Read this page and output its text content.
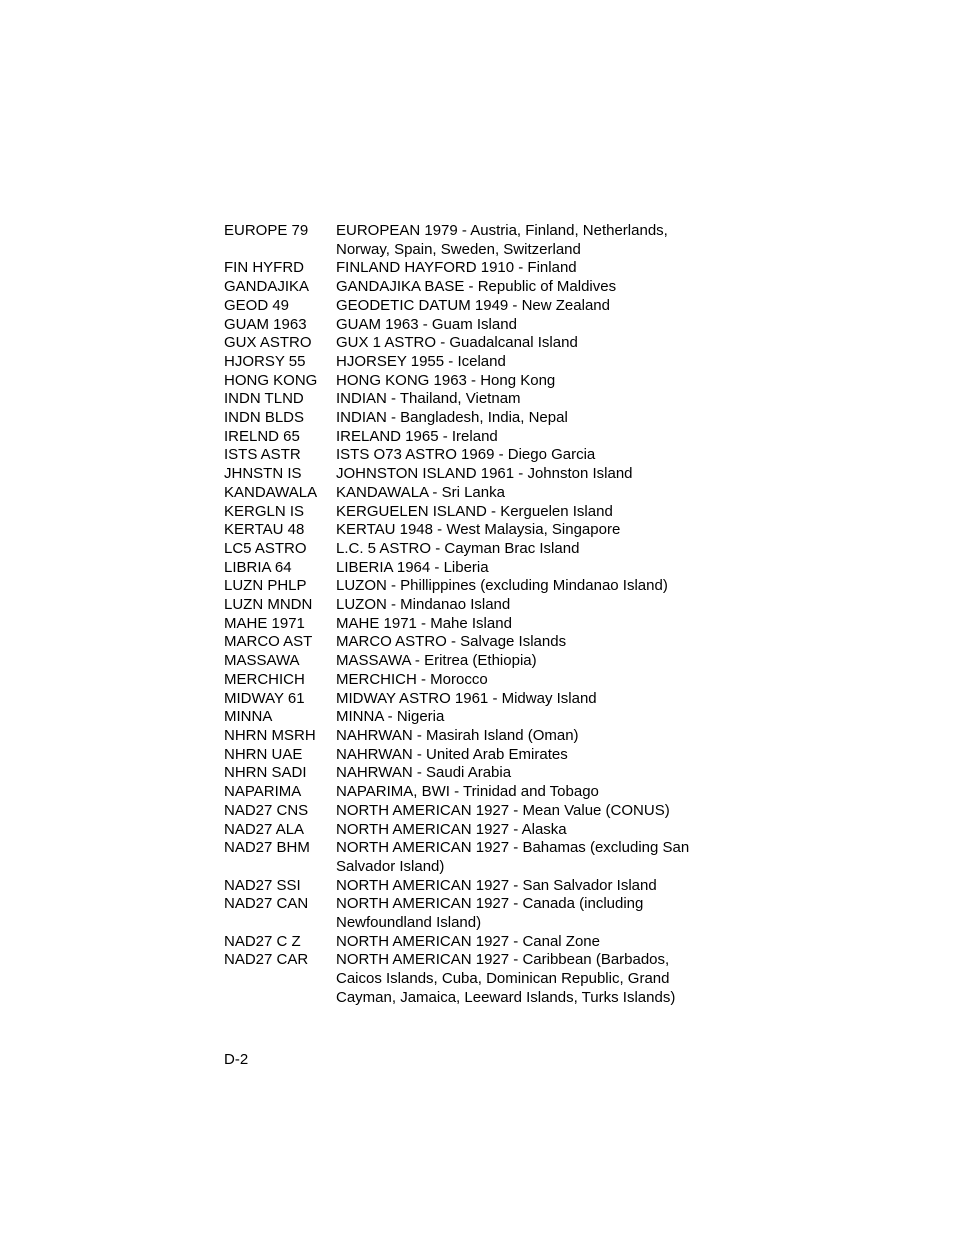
EUROPE 79	EUROPEAN 1979 - Austria, Finland, Netherlands, Norway, Spain, Sweden, Switzerland
FIN HYFRD	FINLAND HAYFORD 1910 - Finland
GANDAJIKA	GANDAJIKA BASE - Republic of Maldives
GEOD 49	GEODETIC DATUM 1949 - New Zealand
GUAM 1963	GUAM 1963 - Guam Island
GUX ASTRO	GUX 1 ASTRO - Guadalcanal Island
HJORSY 55	HJORSEY 1955 - Iceland
HONG KONG	HONG KONG 1963 - Hong Kong
INDN TLND	INDIAN - Thailand, Vietnam
INDN BLDS	INDIAN - Bangladesh, India, Nepal
IRELND 65	IRELAND 1965 - Ireland
ISTS ASTR	ISTS O73 ASTRO 1969 - Diego Garcia
JHNSTN IS	JOHNSTON ISLAND 1961 - Johnston Island
KANDAWALA	KANDAWALA - Sri Lanka
KERGLN IS	KERGUELEN ISLAND - Kerguelen Island
KERTAU 48	KERTAU 1948 - West Malaysia, Singapore
LC5 ASTRO	L.C. 5 ASTRO - Cayman Brac Island
LIBRIA 64	LIBERIA 1964 - Liberia
LUZN PHLP	LUZON - Phillippines (excluding Mindanao Island)
LUZN MNDN	LUZON - Mindanao Island
MAHE 1971	MAHE 1971 - Mahe Island
MARCO AST	MARCO ASTRO - Salvage Islands
MASSAWA	MASSAWA - Eritrea (Ethiopia)
MERCHICH	MERCHICH - Morocco
MIDWAY 61	MIDWAY ASTRO 1961 - Midway Island
MINNA	MINNA - Nigeria
NHRN MSRH	NAHRWAN - Masirah Island (Oman)
NHRN UAE	NAHRWAN - United Arab Emirates
NHRN SADI	NAHRWAN - Saudi Arabia
NAPARIMA	NAPARIMA, BWI - Trinidad and Tobago
NAD27 CNS	NORTH AMERICAN 1927 - Mean Value (CONUS)
NAD27 ALA	NORTH AMERICAN 1927 - Alaska
NAD27 BHM	NORTH AMERICAN 1927 - Bahamas (excluding San Salvador Island)
NAD27 SSI	NORTH AMERICAN 1927 - San Salvador Island
NAD27 CAN	NORTH AMERICAN 1927 - Canada (including Newfoundland Island)
NAD27 C Z	NORTH AMERICAN 1927 - Canal Zone
NAD27 CAR	NORTH AMERICAN 1927 - Caribbean (Barbados, Caicos Islands, Cuba, Dominican Republic, Grand Cayman, Jamaica, Leeward Islands, Turks Islands)
D-2
